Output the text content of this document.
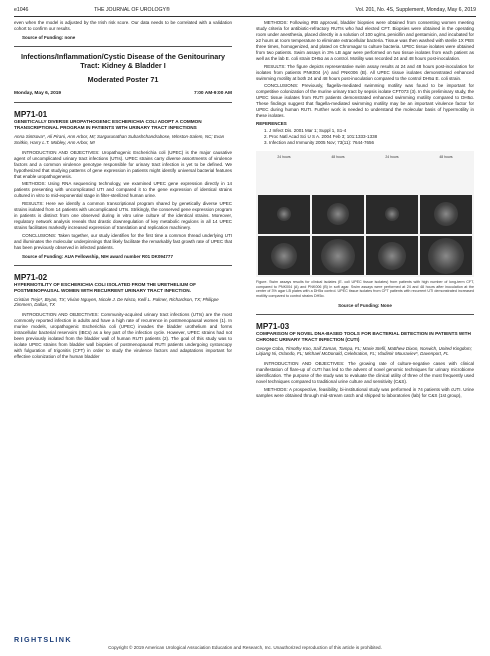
e1046	THE JOURNAL OF UROLOGY®	Vol. 201, No. 4S, Supplement, Monday, May 6, 2019

even when the model is adjusted by the Irish risk score. Our data needs to be correlated with a validation cohort to confirm our results.

Source of Funding: none

Infections/Inflammation/Cystic Disease of the Genitourinary Tract: Kidney & Bladder I
Moderated Poster 71
Monday, May 6, 2019	7:00 AM-9:00 AM
MP71-01
GENETICALLY DIVERSE UROPATHOGENIC ESCHERICHIA COLI ADOPT A COMMON TRANSCRIPTIONAL PROGRAM IN PATIENTS WITH URINARY TRACT INFECTIONS
Anna Sintsova*, Ali Pirani, Ann Arbor, MI; Sargurunathan Subashchandrabose, Winston-Salem, NC; Evan Snitkin, Harry L.T. Mobley, Ann Arbor, MI

INTRODUCTION AND OBJECTIVES: Uropathogenic Escherichia coli (UPEC) is the major causative agent of uncomplicated urinary tract infections (UTIs). UPEC strains carry diverse assortments of virulence factors and a common virulence genotype responsible for urinary tract infection is yet to be defined. We hypothesized that studying patterns of gene expression in patients might identify universal bacterial features that enable uropathogenesis.

METHODS: Using RNA sequencing technology, we examined UPEC gene expression directly in 14 patients presenting with uncomplicated UTI and compared it to the gene expression of identical strains cultured in vitro to mid-exponential stage in filter-sterilized human urine.

RESULTS: Here we identify a common transcriptional program shared by genetically diverse UPEC strains isolated from 14 patients with uncomplicated UTIs. Strikingly, the conserved gene expression program in patients is distinct from one observed during in vitro urine culture of the identical strains. Moreover, regulatory network analysis reveals that drastic downregulation of key metabolic regulons in all 14 UPEC strains facilitates markedly increased expression of translation and replication machinery.

CONCLUSIONS: Taken together, our study identifies for the first time a common thread underlying UTI and illuminates the molecular underpinnings that likely facilitate the remarkably fast growth rate of UPEC that has been previously observed in infected patients.

Source of Funding: AUA Fellowship, NIH award number R01 DK094777

MP71-02
HYPERMOTILITY OF ESCHERICHIA COLI ISOLATED FROM THE URETHELIUM OF POSTMENOPAUSAL WOMEN WITH RECURRENT URINARY TRACT INFECTION.
Cristian Trejo*, Bryan, TX; Vivian Nguyen, Nicole J. De Nisco, Kelli L. Palmer, Richardson, TX; Philippe Zimmern, Dallas, TX

INTRODUCTION AND OBJECTIVES: Community-acquired urinary tract infections (UTIs) are the most commonly reported infection in adults and have a high rate of recurrence in postmenopausal women (1). In murine models, uropathogenic Escherichia coli (UPEC) invades the bladder urothelium and forms intracellular bacterial reservoirs (IBCs) as a key part of the infection cycle. However, UPEC strains had not been previously isolated from the bladder wall of human RUTI patients (2). The goal of this study was to isolate UPEC strains from bladder wall biopsies of postmenopausal RUTI patients undergoing cystoscopy with fulguration of trigonitis (CFT) in order to study the virulence factors and adaptations important for effective colonization of the human bladder

METHODS: Following IRB approval, bladder biopsies were obtained from consenting women meeting study criteria for antibiotic-refractory RUTIs who had elected CFT. Biopsies were obtained in the operating room under anesthesia, placed directly in a solution of 100 ug/mL penicillin and gentamicin, and incubated for ≥2 hours at room temperature to eliminate extracellular bacteria. Tissue was then washed with sterile 1X PBS three times, homogenized, and plated on Chromagar to culture bacteria. UPEC tissue isolates were obtained from two patients. Swim assays in 3% LB agar were performed on two tissue isolates from each patient as well as the lab E. coli strain DH5α as a control. Motility was recorded 24 and 48 hours post-inoculation.

RESULTS: The figure depicts representative swim assay results at 24 and 48 hours post-inoculation for isolates from patients PNK004 (A) and PNK006 (B). All UPEC tissue isolates demonstrated enhanced swimming motility at both 24 and 48 hours post-inoculation compared to the control DH5α E. coli strain.

CONCLUSIONS: Previously, flagella-mediated swimming motility was found to be important for competitive colonization of the murine urinary tract by sepsis isolate CFT073 (3). In this preliminary study, the UPEC tissue isolates from RUTI patients demonstrated enhanced swimming motility compared to DH5α. These findings suggest that flagella-mediated swimming motility may be an important virulence factor for UPEC during human RUTI. Further work is needed to understand the molecular basis of hypermotility in these isolates.

REFERENCES
1. J Infect Dis. 2001 Mar 1; Suppl 1, S1-4
2. Proc Natl Acad Sci U S A. 2004 Feb 3; 101:1333-1338
3. Infection and Immunity 2005 Nov; 73(11): 7644-7656
24 hours	48 hours	24 hours	48 hours

Figure. Swim assays results for clinical isolates (E. coli UPEC tissue isolates) from patients with high number of long-term CFT, compared to PNK004 (A) and PNK006 (B) in soft agar. Swim assays were performed at 24 and 48 hours after inoculation at the center of 3% agar LB plates with a DH5α control. UPEC tissue isolates from CFT patients with recurrent UTI demonstrated increased motility compared to control strains DH5α.

Source of Funding: None

MP71-03
COMPARISON OF NOVEL DNA-BASED TOOLS FOR BACTERIAL DETECTION IN PATIENTS WITH CHRONIC URINARY TRACT INFECTION (CUTI)
George Coba, Timothy Koo, Saif Zaman, Tampa, FL; Marie Stefil, Matthew Dixon, Norwich, United Kingdom; Liqiang Ni, Orlando, FL; Michael McDonald, Celebration, FL; Vladimir Mouraviev*, Davenport, FL

INTRODUCTION AND OBJECTIVES: The growing rate of culture-negative cases with clinical manifestation of flare-up of cUTI has led to the advent of novel genomic techniques for urinary microbiome identification. The purpose of the study was to evaluate the clinical utility of three of the most frequently used novel techniques compared to traditional urine culture and sensitivity (C&S).

METHODS: A prospective, feasibility, bi-institutional study was performed in 74 patients with cUTI. Urine samples were obtained through mid-stream catch and shipped to laboratories (lab) for C&S (1st group),

RIGHTSLINK
Copyright © 2019 American Urological Association Education and Research, Inc. Unauthorized reproduction of this article is prohibited.
